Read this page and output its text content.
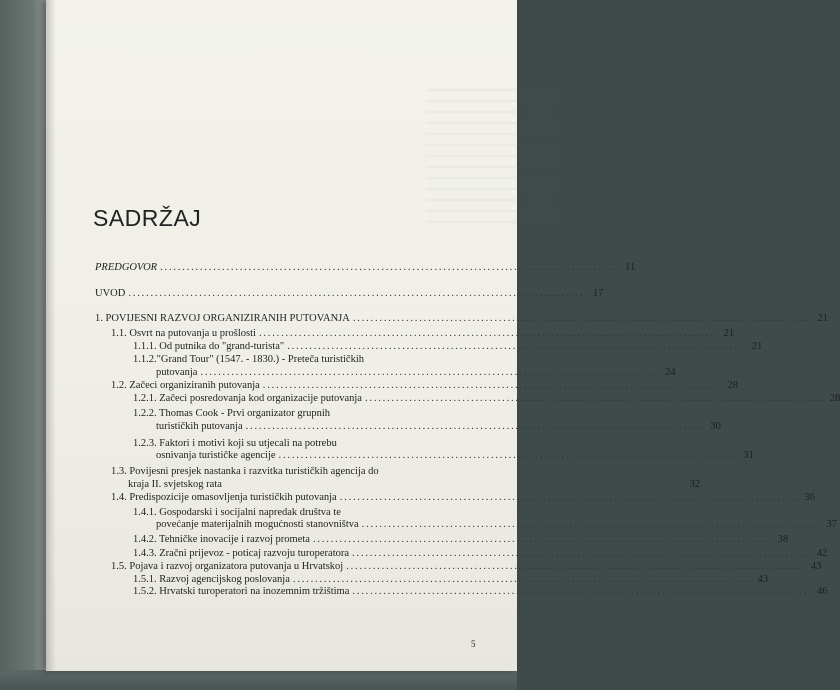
SADRŽAJ
PREDGOVOR ........................................................................................................ 11
UVOD ........................................................................................................ 17
1. POVIJESNI RAZVOJ ORGANIZIRANIH PUTOVANJA ........................................................................................................ 21
1.1. Osvrt na putovanja u prošlosti ........................................................................................................ 21
1.1.1. Od putnika do "grand-turista" ........................................................................................................ 21
1.1.2."Grand Tour" (1547. - 1830.) - Preteča turističkih
putovanja ........................................................................................................ 24
1.2. Začeci organiziranih putovanja ........................................................................................................ 28
1.2.1. Začeci posredovanja kod organizacije putovanja ........................................................................................................ 28
1.2.2. Thomas Cook - Prvi organizator grupnih
turističkih putovanja ........................................................................................................ 30
1.2.3. Faktori i motivi koji su utjecali na potrebu
osnivanja turističke agencije ........................................................................................................ 31
1.3. Povijesni presjek nastanka i razvitka turističkih agencija do
kraja II. svjetskog rata	32
1.4. Predispozicije omasovljenja turističkih putovanja ........................................................................................................ 36
1.4.1. Gospodarski i socijalni napredak društva te
povećanje materijalnih mogućnosti stanovništva ........................................................................................................ 37
1.4.2. Tehničke inovacije i razvoj prometa ........................................................................................................ 38
1.4.3. Zračni prijevoz - poticaj razvoju turoperatora ........................................................................................................ 42
1.5. Pojava i razvoj organizatora putovanja u Hrvatskoj ........................................................................................................ 43
1.5.1. Razvoj agencijskog poslovanja ........................................................................................................ 43
1.5.2. Hrvatski turoperatori na inozemnim tržištima ........................................................................................................ 46
5
